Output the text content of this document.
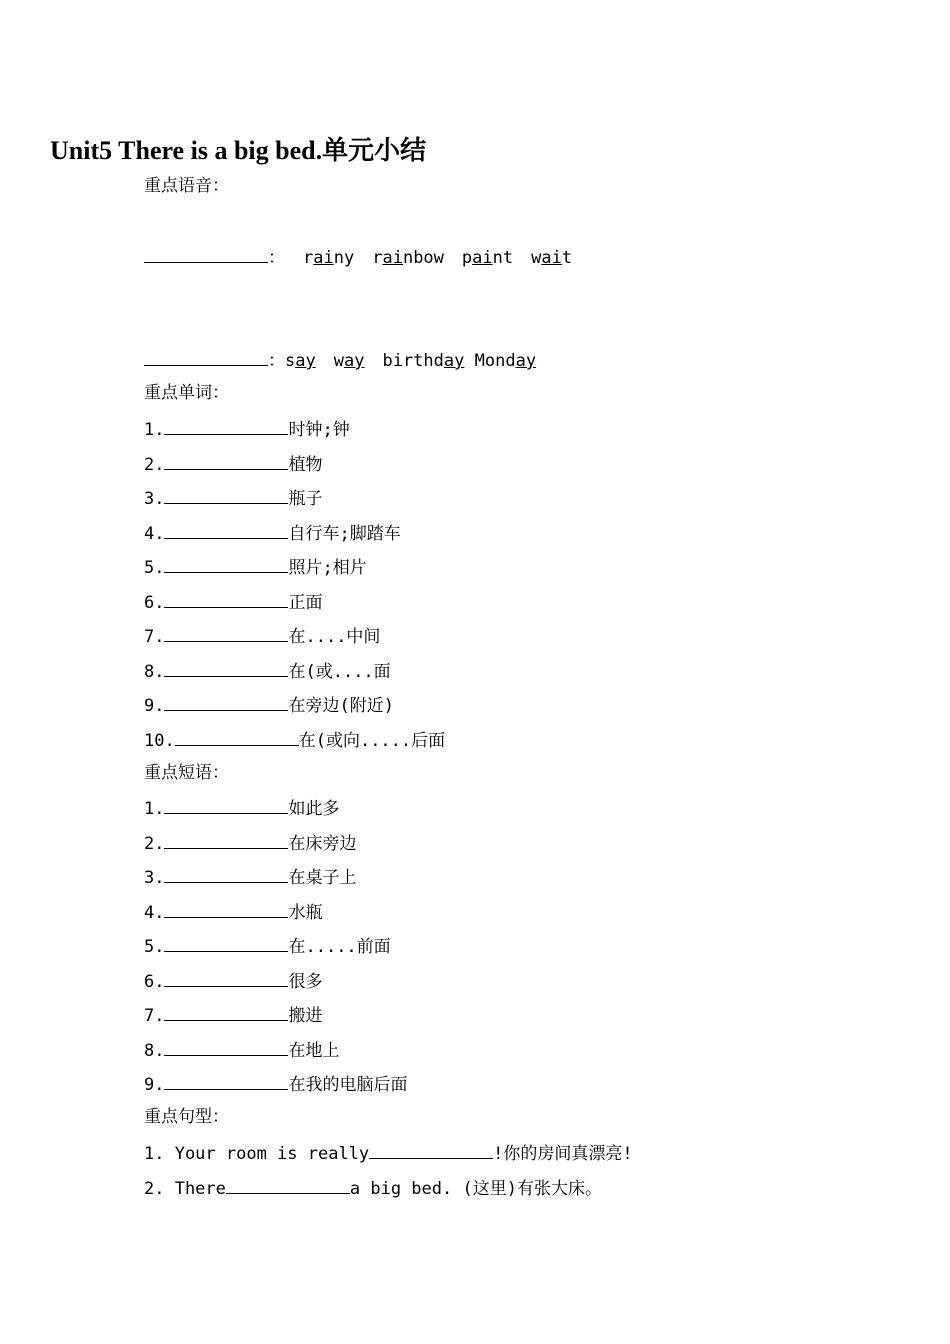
Unit5 There is a big bed.单元小结
重点语音：
： rainy rainbow paint wait
：say way birthday Monday
重点单词：
1.	时钟;钟
2.	植物
3.	瓶子
4.	自行车;脚踏车
5.	照片;相片
6.	正面
7.	在....中间
8.	在(或....面
9.	在旁边(附近)
10.	在(或向.....后面
重点短语：
1.	如此多
2.	在床旁边
3.	在桌子上
4.	水瓶
5.	在.....前面
6.	很多
7.	搬进
8.	在地上
9.	在我的电脑后面
重点句型：
1. Your room is really	!你的房间真漂亮!
2. There	a big bed. (这里)有张大床。
